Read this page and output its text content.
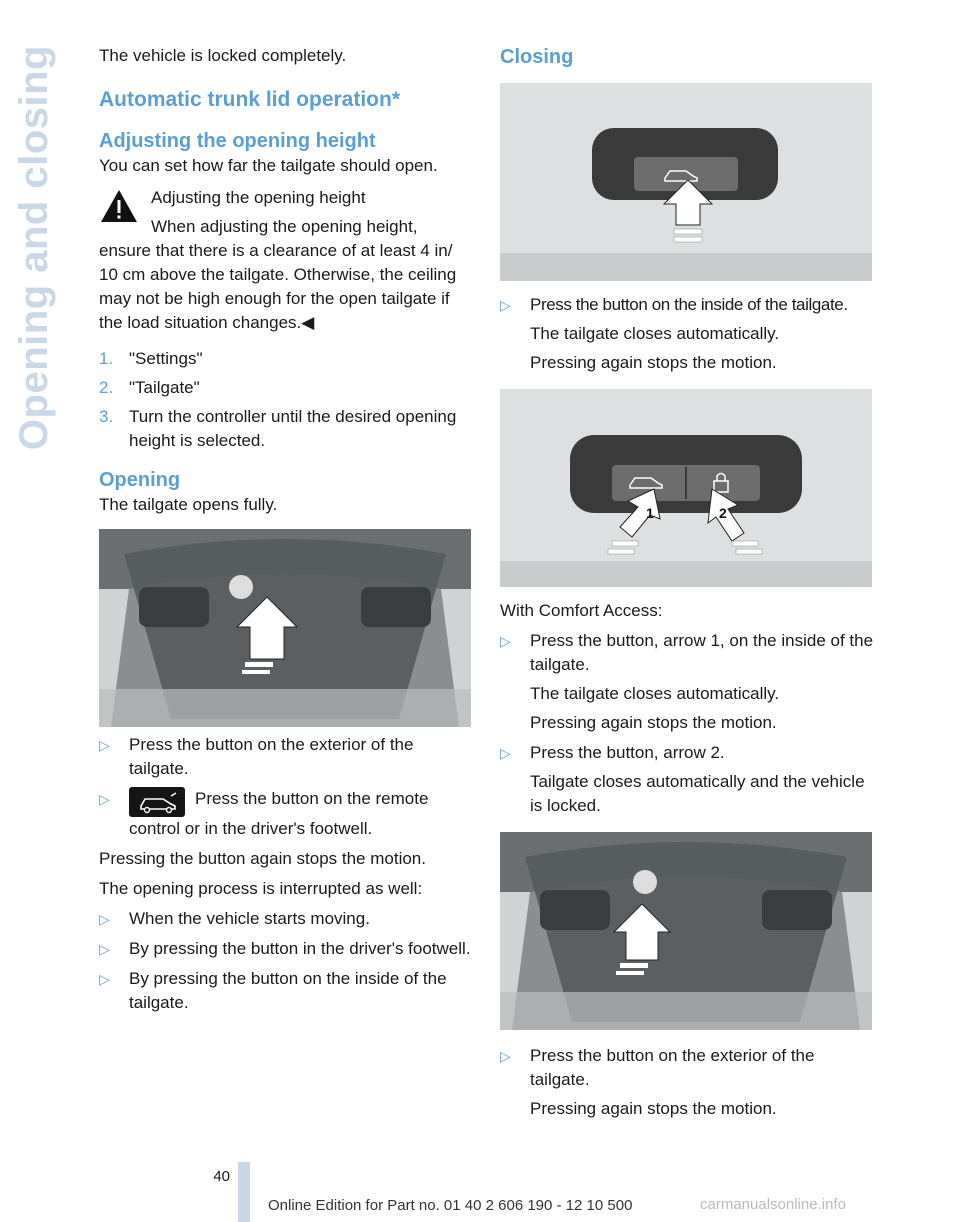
Opening and closing	The vehicle is locked completely.

Automatic trunk lid operation*
Adjusting the opening height

You can set how far the tailgate should open.

Adjusting the opening height

When adjusting the opening height, ensure that there is a clearance of at least 4 in/ 10 cm above the tailgate. Otherwise, the ceiling may not be high enough for the open tailgate if the load situation changes.◀

1. "Settings"
2. "Tailgate"
3. Turn the controller until the desired opening height is selected.
Opening

The tailgate opens fully.

▷	Press the button on the exterior of the tailgate.
▷	Press the button on the remote control or in the driver's footwell.

Pressing the button again stops the motion.

The opening process is interrupted as well:

▷	When the vehicle starts moving.
▷	By pressing the button in the driver's footwell.
▷	By pressing the button on the inside of the tailgate.
Closing
▷	Press the button on the inside of the tailgate.

The tailgate closes automatically.

Pressing again stops the motion.

1	2

With Comfort Access:

▷	Press the button, arrow 1, on the inside of the tailgate.

The tailgate closes automatically.

Pressing again stops the motion.

▷	Press the button, arrow 2.

Tailgate closes automatically and the vehicle is locked.

▷	Press the button on the exterior of the tailgate.

Pressing again stops the motion.

40
Online Edition for Part no. 01 40 2 606 190 - 12 10 500	carmanualsonline.info
